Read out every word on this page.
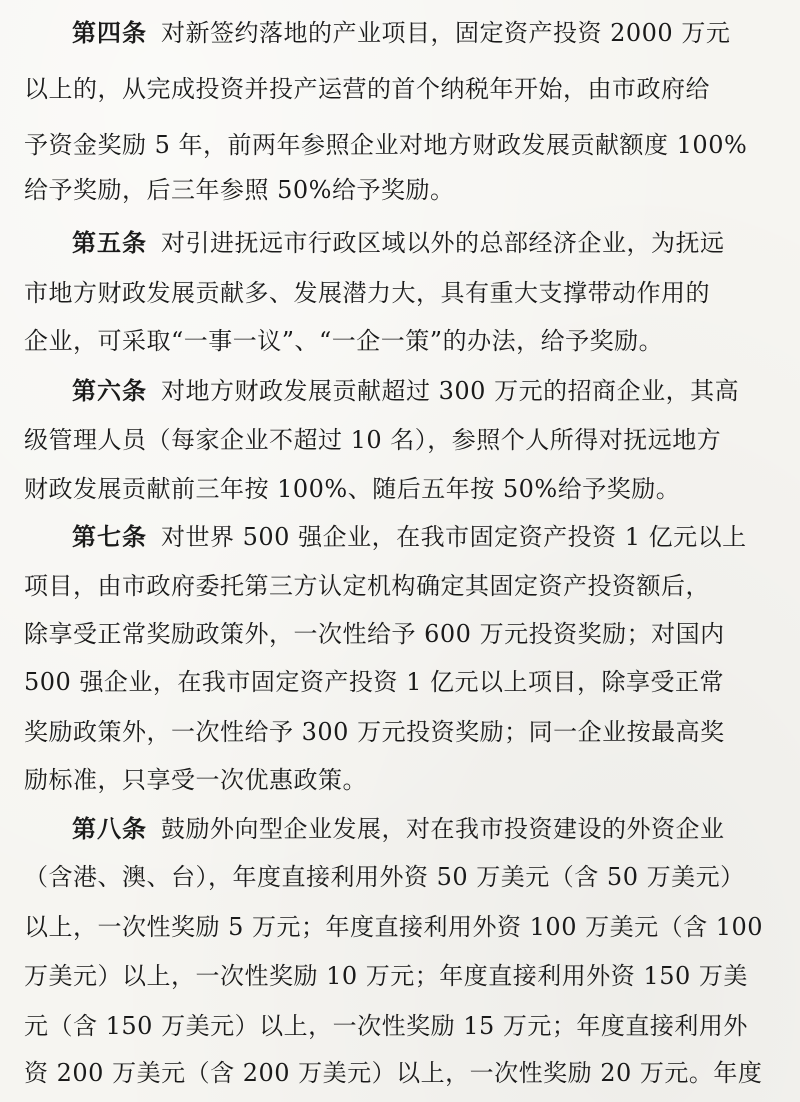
第四条 对新签约落地的产业项目，固定资产投资 2000 万元
以上的，从完成投资并投产运营的首个纳税年开始，由市政府给
予资金奖励 5 年，前两年参照企业对地方财政发展贡献额度 100%
给予奖励，后三年参照 50%给予奖励。
第五条 对引进抚远市行政区域以外的总部经济企业，为抚远
市地方财政发展贡献多、发展潜力大，具有重大支撑带动作用的
企业，可采取“一事一议”、“一企一策”的办法，给予奖励。
第六条 对地方财政发展贡献超过 300 万元的招商企业，其高
级管理人员（每家企业不超过 10 名），参照个人所得对抚远地方
财政发展贡献前三年按 100%、随后五年按 50%给予奖励。
第七条 对世界 500 强企业，在我市固定资产投资 1 亿元以上
项目，由市政府委托第三方认定机构确定其固定资产投资额后，
除享受正常奖励政策外，一次性给予 600 万元投资奖励；对国内
500 强企业，在我市固定资产投资 1 亿元以上项目，除享受正常
奖励政策外，一次性给予 300 万元投资奖励；同一企业按最高奖
励标准，只享受一次优惠政策。
第八条 鼓励外向型企业发展，对在我市投资建设的外资企业
（含港、澳、台），年度直接利用外资 50 万美元（含 50 万美元）
以上，一次性奖励 5 万元；年度直接利用外资 100 万美元（含 100
万美元）以上，一次性奖励 10 万元；年度直接利用外资 150 万美
元（含 150 万美元）以上，一次性奖励 15 万元；年度直接利用外
资 200 万美元（含 200 万美元）以上，一次性奖励 20 万元。年度
